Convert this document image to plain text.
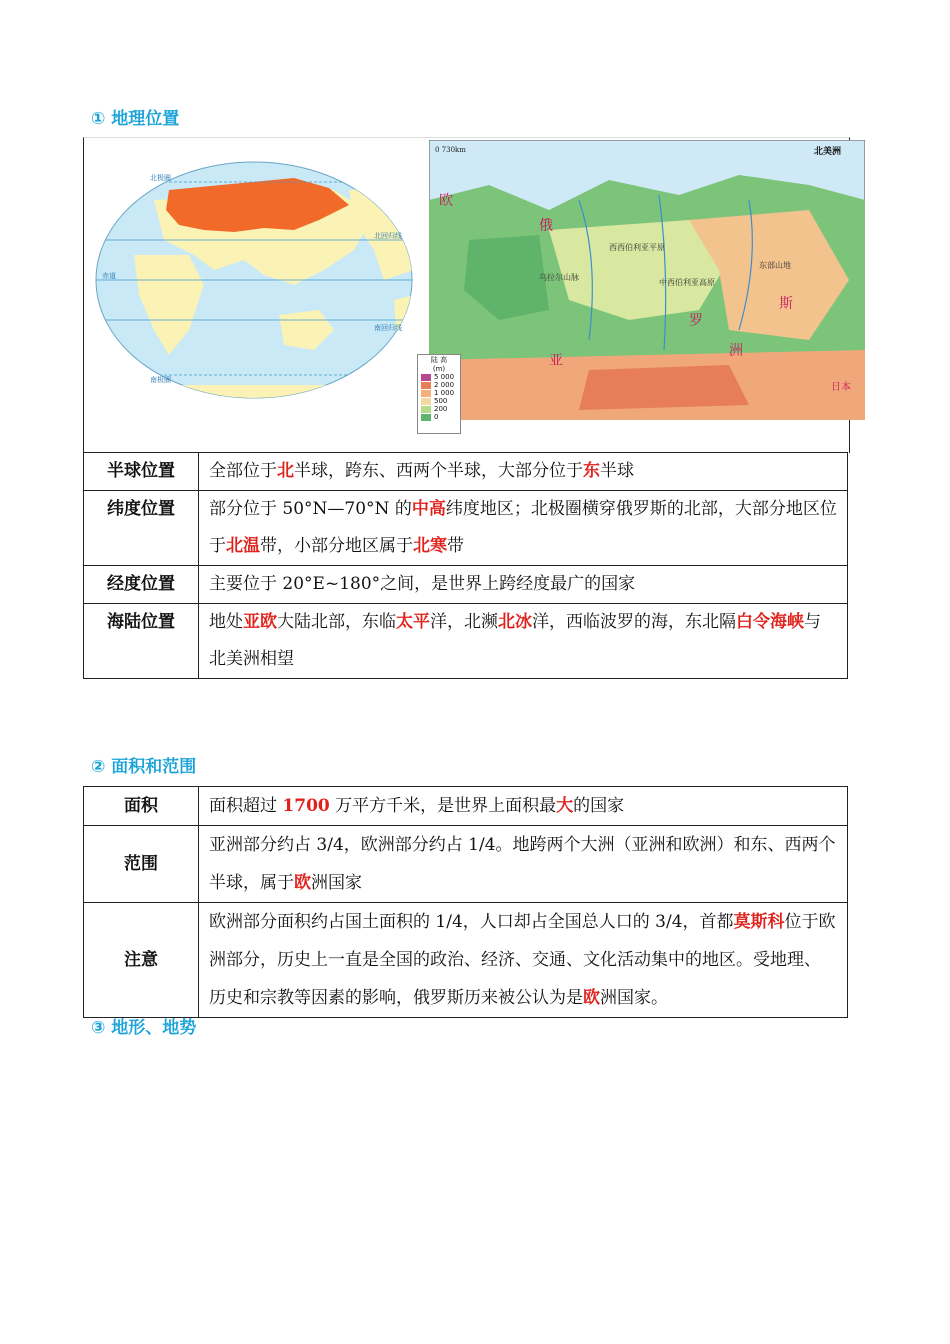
① 地理位置
北极圈
北回归线
赤道
南回归线
南极圈
0 730km	北美洲
西西伯利亚平原
中西伯利亚高原
东部山地
乌拉尔山脉
欧
亚
洲
俄
罗
斯
日本
陆 高
(m)
5 000
2 000
1 000
500
200
0
半球位置	全部位于北半球，跨东、西两个半球，大部分位于东半球
纬度位置	部分位于 50°N—70°N 的中高纬度地区；北极圈横穿俄罗斯的北部，大部分地区位于北温带，小部分地区属于北寒带
经度位置	主要位于 20°E~180°之间，是世界上跨经度最广的国家
海陆位置	地处亚欧大陆北部，东临太平洋，北濒北冰洋，西临波罗的海，东北隔白令海峡与北美洲相望
② 面积和范围
面积	面积超过 1700 万平方千米，是世界上面积最大的国家
范围	亚洲部分约占 3/4，欧洲部分约占 1/4。地跨两个大洲（亚洲和欧洲）和东、西两个半球，属于欧洲国家
注意	欧洲部分面积约占国土面积的 1/4，人口却占全国总人口的 3/4，首都莫斯科位于欧洲部分，历史上一直是全国的政治、经济、交通、文化活动集中的地区。受地理、历史和宗教等因素的影响，俄罗斯历来被公认为是欧洲国家。
③ 地形、地势
